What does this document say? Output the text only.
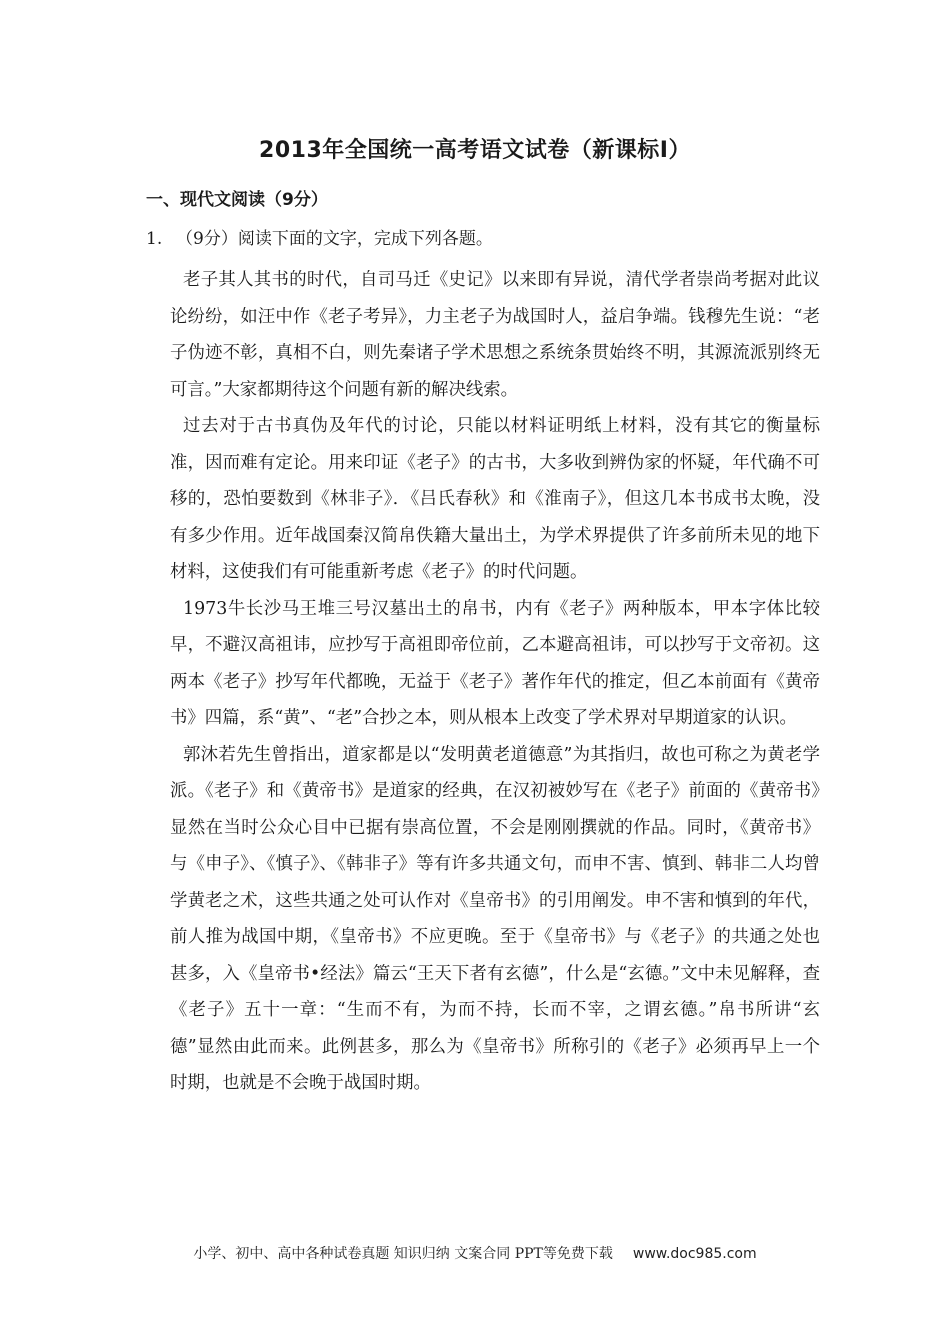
2013年全国统一高考语文试卷（新课标Ⅰ）
一、现代文阅读（9分）

1. （9分）阅读下面的文字，完成下列各题。

老子其人其书的时代，自司马迁《史记》以来即有异说，清代学者崇尚考据对此议论纷纷，如汪中作《老子考异》，力主老子为战国时人，益启争端。钱穆先生说：“老子伪迹不彰，真相不白，则先秦诸子学术思想之系统条贯始终不明，其源流派别终无可言。”大家都期待这个问题有新的解决线索。

过去对于古书真伪及年代的讨论，只能以材料证明纸上材料，没有其它的衡量标准，因而难有定论。用来印证《老子》的古书，大多收到辨伪家的怀疑，年代确不可移的，恐怕要数到《林非子》．《吕氏春秋》和《淮南子》，但这几本书成书太晚，没有多少作用。近年战国秦汉简帛佚籍大量出土，为学术界提供了许多前所未见的地下材料，这使我们有可能重新考虑《老子》的时代问题。

1973牛长沙马王堆三号汉墓出土的帛书，内有《老子》两种版本，甲本字体比较早，不避汉高祖讳，应抄写于高祖即帝位前，乙本避高祖讳，可以抄写于文帝初。这两本《老子》抄写年代都晚，无益于《老子》著作年代的推定，但乙本前面有《黄帝书》四篇，系“黄”、“老”合抄之本，则从根本上改变了学术界对早期道家的认识。

郭沐若先生曾指出，道家都是以“发明黄老道德意”为其指归，故也可称之为黄老学派。《老子》和《黄帝书》是道家的经典，在汉初被妙写在《老子》前面的《黄帝书》显然在当时公众心目中已据有崇高位置，不会是刚刚撰就的作品。同时，《黄帝书》与《申子》、《慎子》、《韩非子》等有许多共通文句，而申不害、慎到、韩非二人均曾学黄老之术，这些共通之处可认作对《皇帝书》的引用阐发。申不害和慎到的年代，前人推为战国中期，《皇帝书》不应更晚。至于《皇帝书》与《老子》的共通之处也甚多，入《皇帝书•经法》篇云“王天下者有玄德”，什么是“玄德。”文中未见解释，查《老子》五十一章：“生而不有，为而不持，长而不宰，之谓玄德。”帛书所讲“玄德”显然由此而来。此例甚多，那么为《皇帝书》所称引的《老子》必须再早上一个时期，也就是不会晚于战国时期。

小学、初中、高中各种试卷真题 知识归纳 文案合同 PPT等免费下载 www.doc985.com
